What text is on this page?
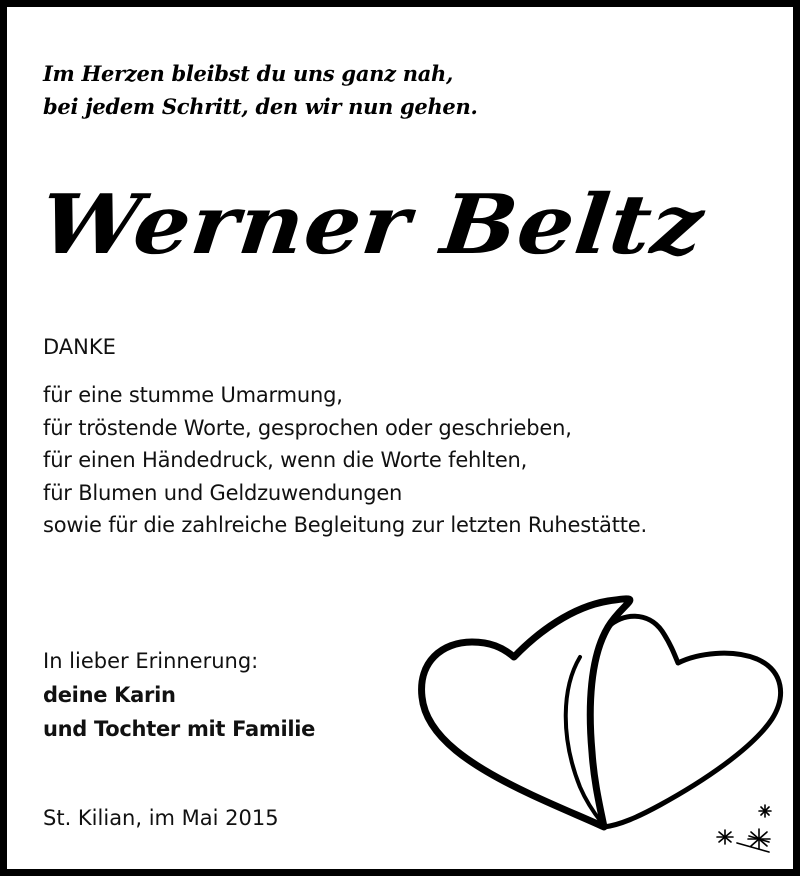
Im Herzen bleibst du uns ganz nah,
bei jedem Schritt, den wir nun gehen.
Werner Beltz
DANKE
für eine stumme Umarmung,
für tröstende Worte, gesprochen oder geschrieben,
für einen Händedruck, wenn die Worte fehlten,
für Blumen und Geldzuwendungen
sowie für die zahlreiche Begleitung zur letzten Ruhestätte.
In lieber Erinnerung:
deine Karin
und Tochter mit Familie
St. Kilian, im Mai 2015
